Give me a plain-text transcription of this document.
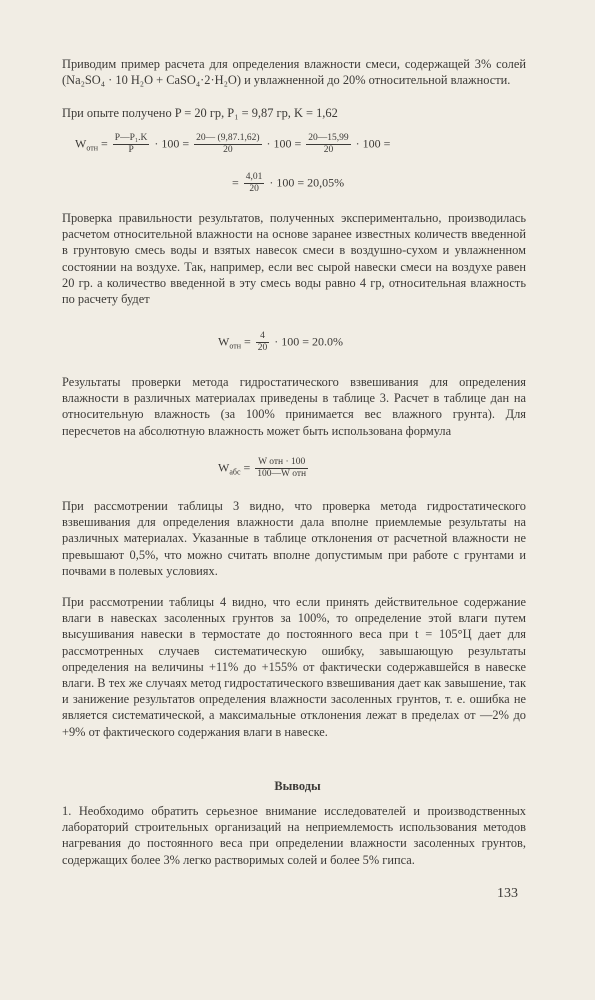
Приводим пример расчета для определения влажности смеси, содержащей 3% солей (Na₂SO₄ · 10 H₂O + CaSO₄·2·H₂O) и увлажненной до 20% относительной влажности.

При опыте получено P = 20 гр, P₁ = 9,87 гр, K = 1,62

$W_{отн} = \frac{\text{P—P₁.K}}{P} \cdot 100 = \frac{20— (9,87.1,62)}{20} \cdot 100 = \frac{20—15,99}{20} \cdot 100$ =
= $\frac{4,01}{20} \cdot 100 = 20,05\%$

Проверка правильности результатов, полученных экспериментально, производилась расчетом относительной влажности на основе заранее известных количеств введенной в грунтовую смесь воды и взятых навесок смеси в воздушно-сухом и увлажненном состоянии на воздухе. Так, например, если вес сырой навески смеси на воздухе равен 20 гр. а количество введенной в эту смесь воды равно 4 гр, относительная влажность по расчету будет

$W_{отн} = \frac{4}{20} \cdot 100 = 20.0\%$

Результаты проверки метода гидростатического взвешивания для определения влажности в различных материалах приведены в таблице 3. Расчет в таблице дан на относительную влажность (за 100% принимается вес влажного грунта). Для пересчетов на абсолютную влажность может быть использована формула

$W_{абс} = \frac{\text{W отн · 100}}{\text{100—W отн}}$

При рассмотрении таблицы 3 видно, что проверка метода гидростатического взвешивания для определения влажности дала вполне приемлемые результаты на различных материалах. Указанные в таблице отклонения от расчетной влажности не превышают 0,5%, что можно считать вполне допустимым при работе с грунтами и почвами в полевых условиях.

При рассмотрении таблицы 4 видно, что если принять действительное содержание влаги в навесках засоленных грунтов за 100%, то определение этой влаги путем высушивания навески в термостате до постоянного веса при t = 105°Ц дает для рассмотренных случаев систематическую ошибку, завышающую результаты определения на величины +11% до +155% от фактически содержавшейся в навеске влаги. В тех же случаях метод гидростатического взвешивания дает как завышение, так и занижение результатов определения влажности засоленных грунтов, т. е. ошибка не является систематической, а максимальные отклонения лежат в пределах от —2% до +9% от фактического содержания влаги в навеске.

Выводы

1. Необходимо обратить серьезное внимание исследователей и производственных лабораторий строительных организаций на неприемлемость использования методов нагревания до постоянного веса при определении влажности засоленных грунтов, содержащих более 3% легко растворимых солей и более 5% гипса.

133
